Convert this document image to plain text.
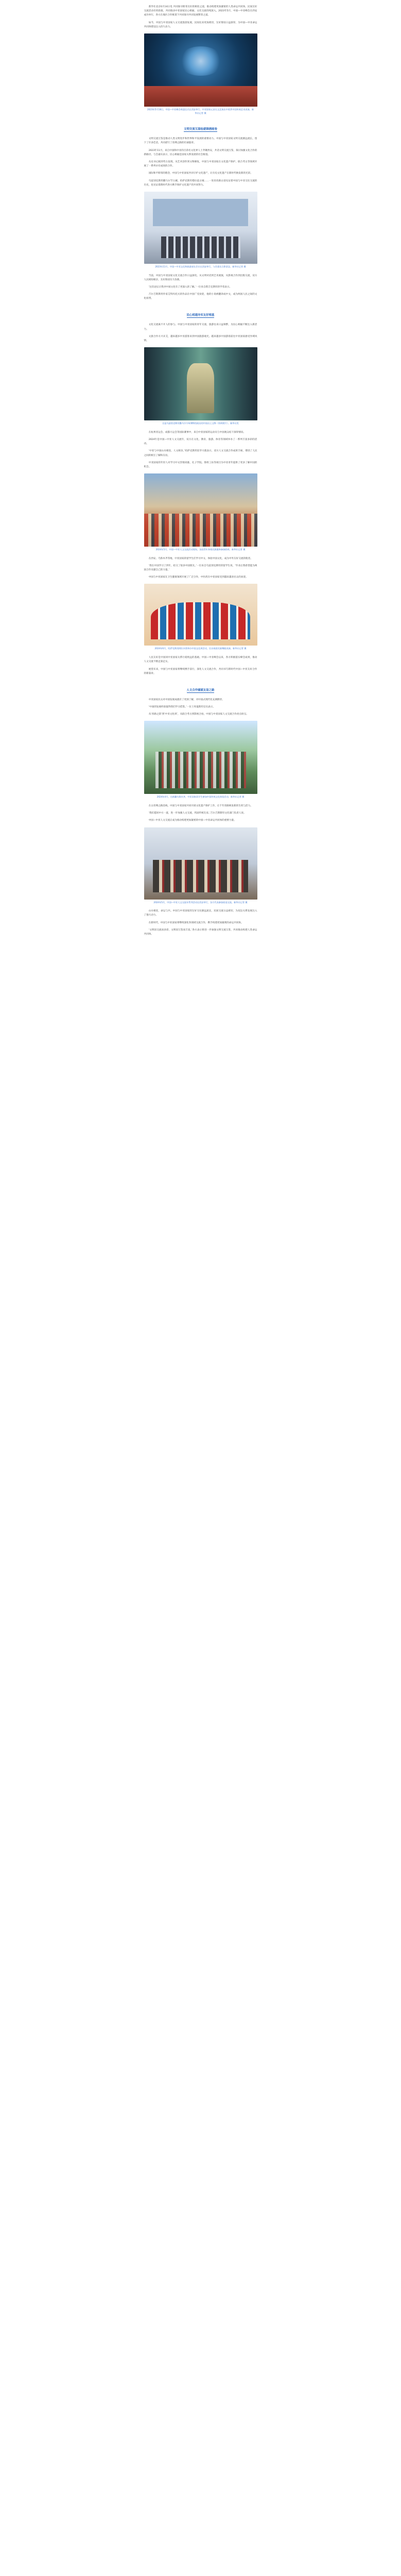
新华社北京6月14日电 共同探寻睦邻友好的相处之道，推动构建更加紧密的人类命运共同体。民间友好交流活动有机衔接，共同推动中亚国家民心相通、文化交流持续深入。2023年5月，中国—中亚峰会在西安成功举行，各方在地区合作框架下共同探寻共同发展繁荣之道。

如今，中国与中亚国家人文交流蓬勃发展，民间往来更加密切，友好情谊日益深厚，为中国—中亚命运共同体建设注入持久动力。

2023年5月18日，中国—中亚峰会欢迎仪式在西安举行。中亚国家元首在文艺演出中欣赏中国传统艺术表演。新华社记者 摄
文明交流互鉴绘就锦绣画卷

文明交流互鉴是推动人类文明进步和世界和平发展的重要动力。中国与中亚国家文明交流源远流长，留下了许多佳话，共同谱写了丝绸之路的壮丽篇章。

2023年11月，来自中国和中亚的百余名文化界人士齐聚西安，共话文明交流互鉴，探讨加强文化合作的新路径。与会嘉宾表示，民心相通是国家关系发展的社会根基。

从史书记载到考古发现，从艺术创作到文物修复，中国与中亚国家在文化遗产保护、联合考古等领域开展了一系列卓有成效的合作。

国际和平睦邻的理念，中国与中亚国家共同守护文化遗产，让历史文化遗产在新时代焕发新的光彩。

乌兹别克斯坦撒马尔罕古城、哈萨克斯坦塔拉兹古城……一处处丝路古迹见证着中国与中亚交往交流的历史，也见证着新时代各方携手保护文化遗产的共同努力。

2023年11月，中国—中亚文化和旅游部长会议在西安举行，与会嘉宾合影留念。新华社记者 摄

当前，中国与中亚国家文化交流合作日益深化。从文明对话到艺术展演，从影视合作到出版交流，双方人民相知相亲，友好情谊历久弥新。

‘这次论坛让我对中国文化有了更深入的了解。’一位来自塔吉克斯坦的学者表示。

吉尔吉斯斯坦作家艾特玛托夫的作品在中国广受欢迎，他的小说被翻译成中文，成为两国人民之间的文化纽带。

民心相通夯实友好根基

文化交流离不开人的参与。中国与中亚国家的青年交流、旅游往来日益频繁，为民心相通不断注入新活力。

文旅合作方兴未艾，越来越多中亚游客来到中国旅游观光，越来越多中国游客前往中亚国家感受异域风情。

这是乌兹别克斯坦撒马尔罕州博物馆展出的中国出土文物（资料照片）。新华社发

在杭州亚运会、成都大运会等国际赛事中，来自中亚国家的运动员与中国观众结下深厚情谊。

2024年是中国—中亚人文交流年，双方在文化、教育、旅游、体育等领域举办了一系列丰富多彩的活动。

‘中亚与中国山水相连、人文相亲。’哈萨克斯坦驻华大使表示，双方人文交流合作成果丰硕，增进了人民之间的相互了解和友谊。

中亚国家的年轻人对学习中文热情高涨，孔子学院、鲁班工坊等项目为中亚青年提供了更多了解中国的机会。

2024年5月，中国—中亚人文交流活动现场，各国青年身着民族服饰参加联欢。新华社记者 摄

在西安、乌鲁木齐等地，中亚国家的留学生们学习中文、体验中国文化，成为中外友好交流的使者。

‘我在中国学习了四年，结交了很多中国朋友。’一位来自乌兹别克斯坦的留学生说，‘毕业后我希望能为两国合作贡献自己的力量。’

中国与中亚国家在卫生健康领域开展了广泛合作，中医药在中亚国家受到越来越多民众的欢迎。

2024年6月，哈萨克斯坦阿拉木图举办中国文化周活动，民众观看民族舞蹈表演。新华社记者 摄

人民友好是中国同中亚国家关系行稳致远的基础。中国—中亚峰会以来，各方积极落实峰会成果，推动人文交流不断走深走实。

展望未来，中国与中亚国家将继续携手前行，深化人文交流合作，共同书写新时代中国—中亚友好合作的新篇章。

人文合作铺就友谊之路

中亚国家民众对中国发展成就有了更深了解，对中国式现代化充满期待。

‘中国的发展经验值得我们学习借鉴。’一位土库曼斯坦官员表示。

从‘丝路之韵’到‘中亚文化周’，从联合考古到影视合拍，中国与中亚国家人文交流合作亮点纷呈。

2024年4月，在新疆乌鲁木齐，中亚国家留学生参加中国传统文化体验活动。新华社记者 摄

在古丝绸之路沿线，中国与中亚国家共同开展文化遗产保护工作，让千年丝路焕发新的生机与活力。

‘我们愿同中方一道，进一步加强人文交流，巩固传统友谊。’吉尔吉斯斯坦文化部门负责人说。

中国—中亚人文交流正成为推动构建更加紧密的中国—中亚命运共同体的重要力量。

2024年5月，中国—中亚人文交流年系列活动在西安举行，各方代表参加座谈交流。新华社记者 摄

山水相连，命运与共。中国与中亚国家的友好交往源远流长，民间交流日益密切，为双边关系发展注入了强大动力。

在新时代，中国与中亚国家将继续深化各领域交流合作，携手构建更加紧密的命运共同体。

‘文明因交流而多彩，文明因互鉴而丰富。’各方表示将进一步加强文明交流互鉴，共同推动构建人类命运共同体。
